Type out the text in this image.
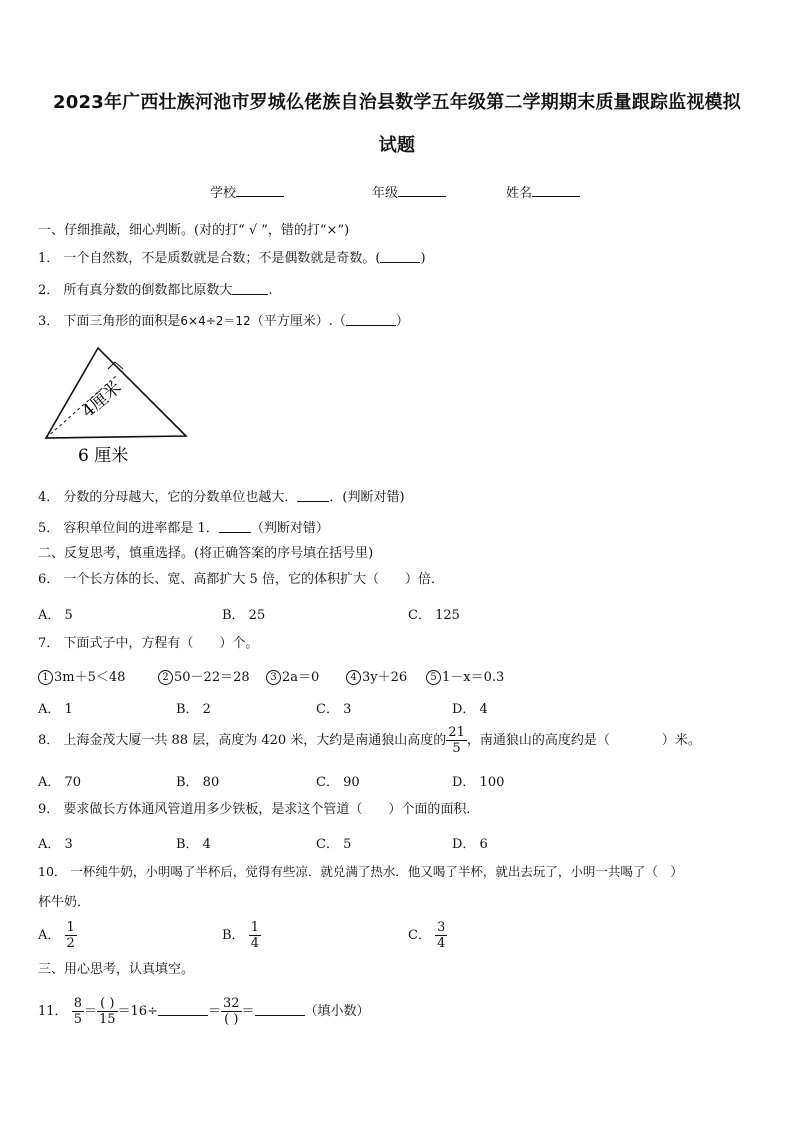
2023年广西壮族河池市罗城仫佬族自治县数学五年级第二学期期末质量跟踪监视模拟
试题
学校	年级	姓名
一、仔细推敲，细心判断。(对的打“ √ ”，错的打“×”)
1． 一个自然数，不是质数就是合数；不是偶数就是奇数。(	)
2． 所有真分数的倒数都比原数大	.
3． 下面三角形的面积是6×4÷2＝12（平方厘米）.（	）
4厘米
6 厘米
4． 分数的分母越大，它的分数单位也越大． ．(判断对错)
5． 容积单位间的进率都是 1． （判断对错）
二、反复思考，慎重选择。(将正确答案的序号填在括号里)
6． 一个长方体的长、宽、高都扩大 5 倍，它的体积扩大（　　）倍．
A． 5	B． 25	C． 125
7． 下面式子中，方程有（　　）个。
1 3m＋5＜48	2 50－22＝28	3 2a＝0	4 3y＋26	5 1－x＝0.3
A． 1	B． 2	C． 3	D． 4
8． 上海金茂大厦一共 88 层，高度为 420 米，大约是南通狼山高度的 $\frac{21}{5}$ ，南通狼山的高度约是（　　　　）米。
A． 70	B． 80	C． 90	D． 100
9． 要求做长方体通风管道用多少铁板，是求这个管道（　　）个面的面积．
A． 3	B． 4	C． 5	D． 6
10． 一杯纯牛奶，小明喝了半杯后，觉得有些凉．就兑满了热水．他又喝了半杯，就出去玩了，小明一共喝了（　）
杯牛奶．
A． $\frac{1}{2}$	B． $\frac{1}{4}$	C． $\frac{3}{4}$
三、用心思考，认真填空。
11． $\frac{8}{5} = \frac{( )}{15} =16\div$	＝ $\frac{32}{( )}$ ＝	（填小数）
